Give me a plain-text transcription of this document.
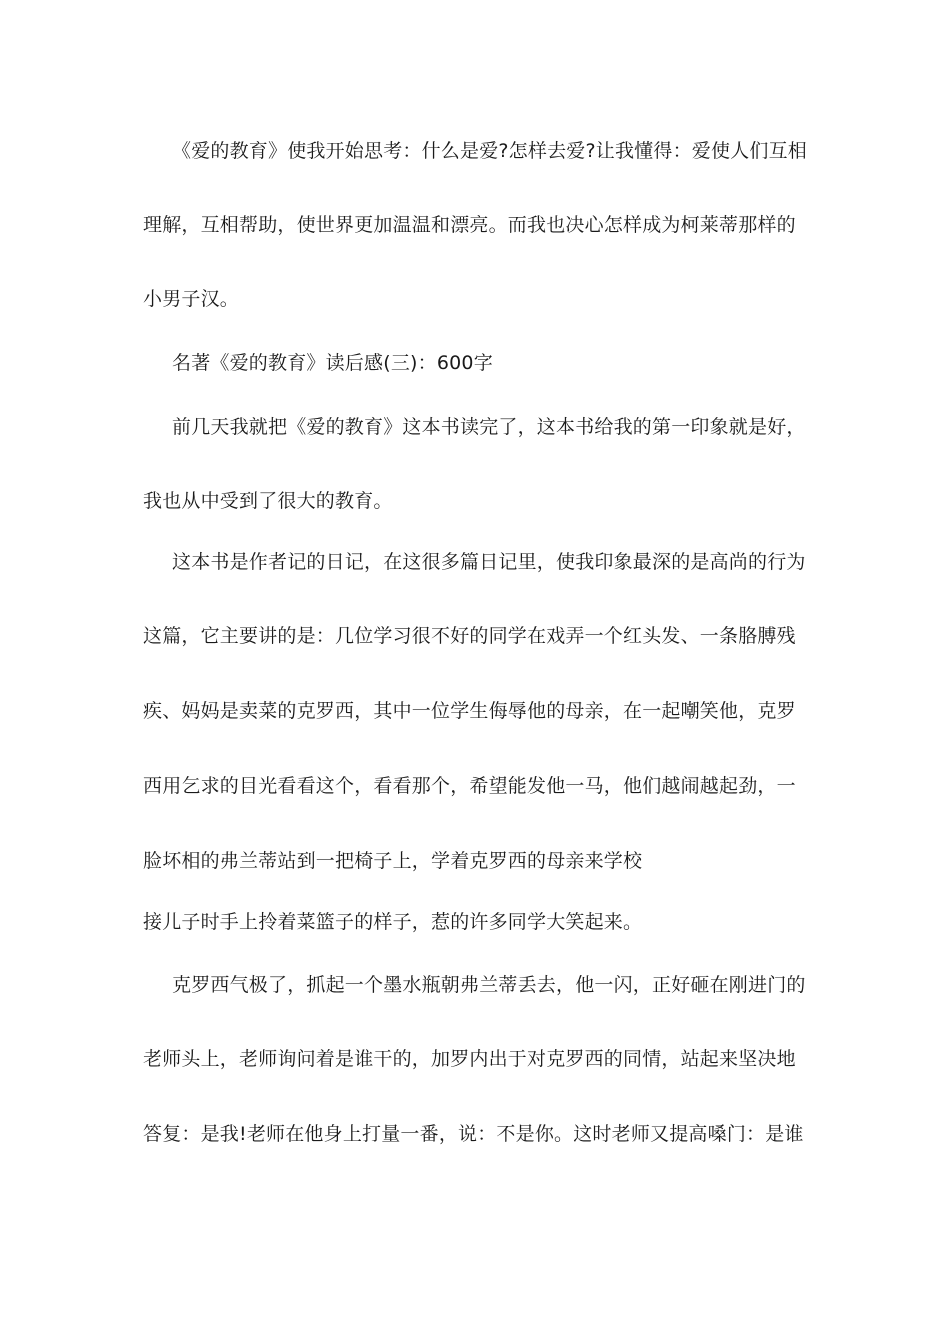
《爱的教育》使我开始思考：什么是爱?怎样去爱?让我懂得：爱使人们互相
理解，互相帮助，使世界更加温温和漂亮。而我也决心怎样成为柯莱蒂那样的
小男子汉。
名著《爱的教育》读后感(三)：600字
前几天我就把《爱的教育》这本书读完了，这本书给我的第一印象就是好，
我也从中受到了很大的教育。
这本书是作者记的日记，在这很多篇日记里，使我印象最深的是高尚的行为
这篇，它主要讲的是：几位学习很不好的同学在戏弄一个红头发、一条胳膊残
疾、妈妈是卖菜的克罗西，其中一位学生侮辱他的母亲，在一起嘲笑他，克罗
西用乞求的目光看看这个，看看那个，希望能发他一马，他们越闹越起劲，一
脸坏相的弗兰蒂站到一把椅子上，学着克罗西的母亲来学校
接儿子时手上拎着菜篮子的样子，惹的许多同学大笑起来。
克罗西气极了，抓起一个墨水瓶朝弗兰蒂丢去，他一闪，正好砸在刚进门的
老师头上，老师询问着是谁干的，加罗内出于对克罗西的同情，站起来坚决地
答复：是我!老师在他身上打量一番，说：不是你。这时老师又提高嗓门：是谁
